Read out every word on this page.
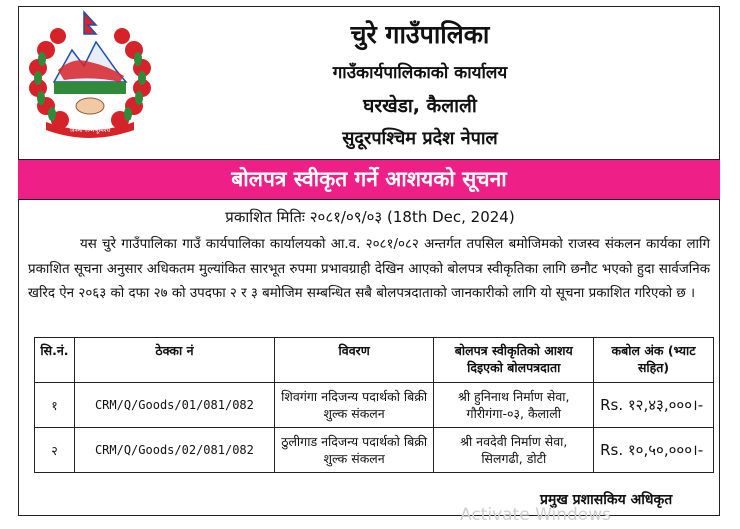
जननी जन्मभूमिश्च
चुरे गाउँपालिका
गाउँकार्यपालिकाको कार्यालय
घरखेडा, कैलाली
सुदूरपश्चिम प्रदेश नेपाल
बोलपत्र स्वीकृत गर्ने आशयको सूचना
प्रकाशित मितिः २०८१/०९/०३ (18th Dec, 2024)
यस चुरे गाउँपालिका गाउँ कार्यपालिका कार्यालयको आ.व. २०८१/०८२ अन्तर्गत तपसिल बमोजिमको राजस्व संकलन कार्यका लागि प्रकाशित सूचना अनुसार अधिकतम मुल्यांकित सारभूत रुपमा प्रभावग्राही देखिन आएको बोलपत्र स्वीकृतिका लागि छनौट भएको हुदा सार्वजनिक खरिद ऐन २०६३ को दफा २७ को उपदफा २ र ३ बमोजिम सम्बन्धित सबै बोलपत्रदाताको जानकारीको लागि यो सूचना प्रकाशित गरिएको छ ।
सि.नं.	ठेक्का नं	विवरण	बोलपत्र स्वीकृतिको आशय दिइएको बोलपत्रदाता	कबोल अंक (भ्याट सहित)
१	CRM/Q/Goods/01/081/082	शिवगंगा नदिजन्य पदार्थको बिक्री शुल्क संकलन	श्री हुनिनाथ निर्माण सेवा, गौरीगंगा-०३, कैलाली	Rs. १२,४३,०००।-
२	CRM/Q/Goods/02/081/082	ठुलीगाड नदिजन्य पदार्थको बिक्री शुल्क संकलन	श्री नवदेवी निर्माण सेवा, सिलगढी, डोटी	Rs. १०,५०,०००।-
प्रमुख प्रशासकिय अधिकृत
Activate Windows
